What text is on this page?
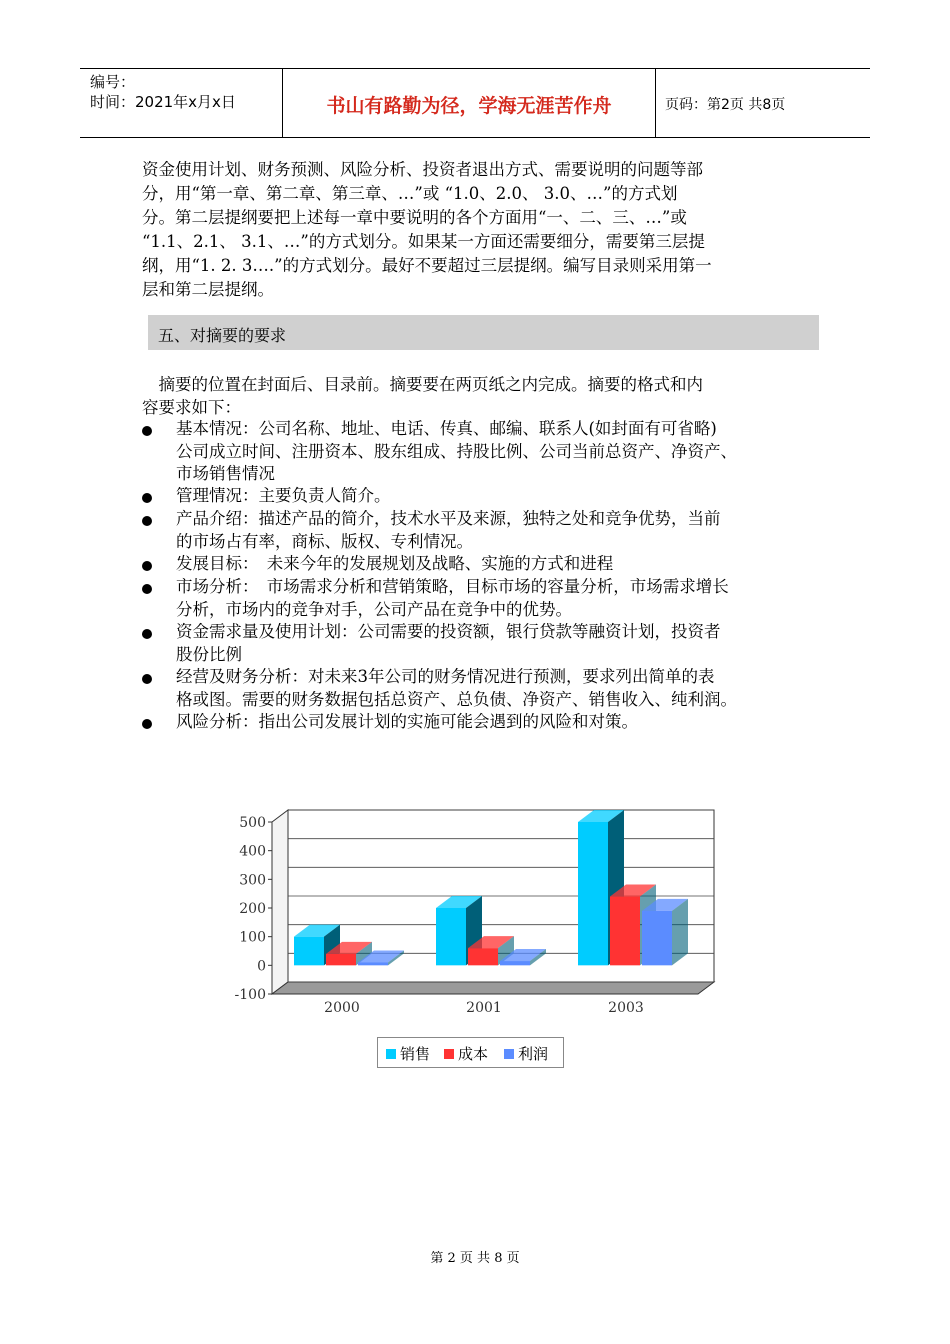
编号：
时间：2021年x月x日	书山有路勤为径，学海无涯苦作舟	页码：第2页 共8页
资金使用计划、财务预测、风险分析、投资者退出方式、需要说明的问题等部
分，用“第一章、第二章、第三章、…”或 “1.0、2.0、 3.0、…”的方式划
分。第二层提纲要把上述每一章中要说明的各个方面用“一、二、三、…”或
“1.1、2.1、 3.1、…”的方式划分。如果某一方面还需要细分，需要第三层提
纲，用“1. 2. 3….”的方式划分。最好不要超过三层提纲。编写目录则采用第一
层和第二层提纲。
五、对摘要的要求
　摘要的位置在封面后、目录前。摘要要在两页纸之内完成。摘要的格式和内
容要求如下：
基本情况：公司名称、地址、电话、传真、邮编、联系人(如封面有可省略)
公司成立时间、注册资本、股东组成、持股比例、公司当前总资产、净资产、
市场销售情况
管理情况：主要负责人简介。
产品介绍：描述产品的简介，技术水平及来源，独特之处和竞争优势，当前
的市场占有率，商标、版权、专利情况。
发展目标：　未来今年的发展规划及战略、实施的方式和进程
市场分析：　市场需求分析和营销策略，目标市场的容量分析，市场需求增长
分析，市场内的竞争对手，公司产品在竞争中的优势。
资金需求量及使用计划：公司需要的投资额，银行贷款等融资计划，投资者
股份比例
经营及财务分析：对未来3年公司的财务情况进行预测，要求列出简单的表
格或图。需要的财务数据包括总资产、总负债、净资产、销售收入、纯利润。
风险分析：指出公司发展计划的实施可能会遇到的风险和对策。
500
400
300
200
100
0
-100
2000	2001	2003
销售	成本	利润
第 2 页 共 8 页
